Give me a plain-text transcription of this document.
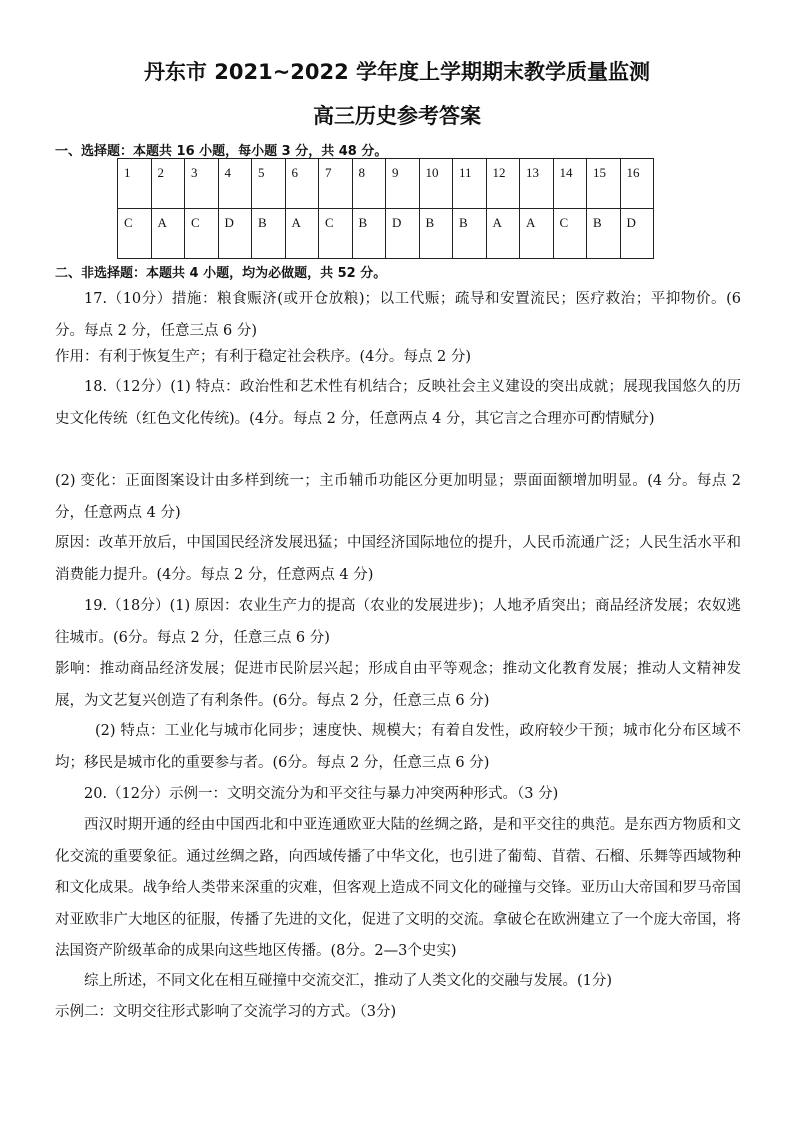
丹东市 2021~2022 学年度上学期期末教学质量监测
高三历史参考答案
一、选择题：本题共 16 小题，每小题 3 分，共 48 分。
1	2	3	4	5	6	7	8	9	10	11	12	13	14	15	16
C	A	C	D	B	A	C	B	D	B	B	A	A	C	B	D
二、非选择题：本题共 4 小题，均为必做题，共 52 分。
17.（10分）措施：粮食赈济(或开仓放粮)；以工代赈；疏导和安置流民；医疗救治；平抑物价。(6 分。每点 2 分，任意三点 6 分)
作用：有利于恢复生产；有利于稳定社会秩序。(4分。每点 2 分)
18.（12分）(1) 特点：政治性和艺术性有机结合；反映社会主义建设的突出成就；展现我国悠久的历史文化传统（红色文化传统)。(4分。每点 2 分，任意两点 4 分，其它言之合理亦可酌情赋分)
(2) 变化：正面图案设计由多样到统一；主币辅币功能区分更加明显；票面面额增加明显。(4 分。每点 2 分，任意两点 4 分)
原因：改革开放后，中国国民经济发展迅猛；中国经济国际地位的提升，人民币流通广泛；人民生活水平和消费能力提升。(4分。每点 2 分，任意两点 4 分)
19.（18分）(1) 原因：农业生产力的提高（农业的发展进步)；人地矛盾突出；商品经济发展；农奴逃往城市。(6分。每点 2 分，任意三点 6 分)
影响：推动商品经济发展；促进市民阶层兴起；形成自由平等观念；推动文化教育发展；推动人文精神发展，为文艺复兴创造了有利条件。(6分。每点 2 分，任意三点 6 分)
(2) 特点：工业化与城市化同步；速度快、规模大；有着自发性，政府较少干预；城市化分布区域不均；移民是城市化的重要参与者。(6分。每点 2 分，任意三点 6 分)
20.（12分）示例一：文明交流分为和平交往与暴力冲突两种形式。（3 分)
西汉时期开通的经由中国西北和中亚连通欧亚大陆的丝绸之路，是和平交往的典范。是东西方物质和文化交流的重要象征。通过丝绸之路，向西域传播了中华文化，也引进了葡萄、苜蓿、石榴、乐舞等西域物种和文化成果。战争给人类带来深重的灾难，但客观上造成不同文化的碰撞与交锋。亚历山大帝国和罗马帝国对亚欧非广大地区的征服，传播了先进的文化，促进了文明的交流。拿破仑在欧洲建立了一个庞大帝国，将法国资产阶级革命的成果向这些地区传播。(8分。2—3个史实)
综上所述，不同文化在相互碰撞中交流交汇，推动了人类文化的交融与发展。(1分)
示例二：文明交往形式影响了交流学习的方式。（3分)
